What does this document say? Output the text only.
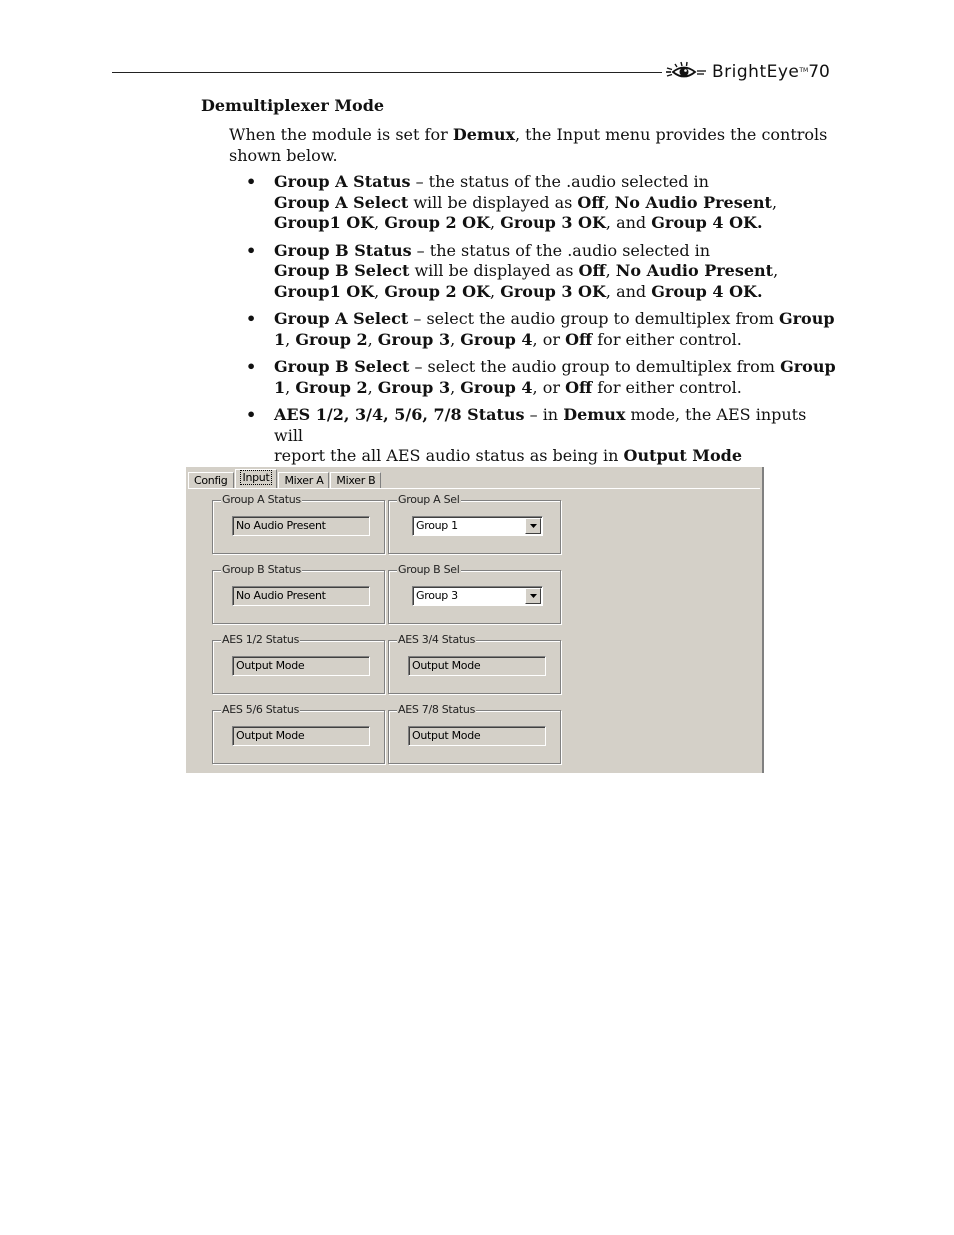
BrightEye TM 70
Demultiplexer Mode
When the module is set for Demux, the Input menu provides the controls shown below.
• Group A Status – the status of the .audio selected in
Group A Select will be displayed as Off, No Audio Present,
Group1 OK, Group 2 OK, Group 3 OK, and Group 4 OK.
• Group B Status – the status of the .audio selected in
Group B Select will be displayed as Off, No Audio Present,
Group1 OK, Group 2 OK, Group 3 OK, and Group 4 OK.
• Group A Select – select the audio group to demultiplex from Group
1, Group 2, Group 3, Group 4, or Off for either control.
• Group B Select – select the audio group to demultiplex from Group
1, Group 2, Group 3, Group 4, or Off for either control.
• AES 1/2, 3/4, 5/6, 7/8 Status – in Demux mode, the AES inputs will
report the all AES audio status as being in Output Mode
Config	Input	Mixer A	Mixer B
Group A Status
No Audio Present
Group A Sel
Group 1
Group B Status
No Audio Present
Group B Sel
Group 3
AES 1/2 Status
Output Mode
AES 3/4 Status
Output Mode
AES 5/6 Status
Output Mode
AES 7/8 Status
Output Mode
